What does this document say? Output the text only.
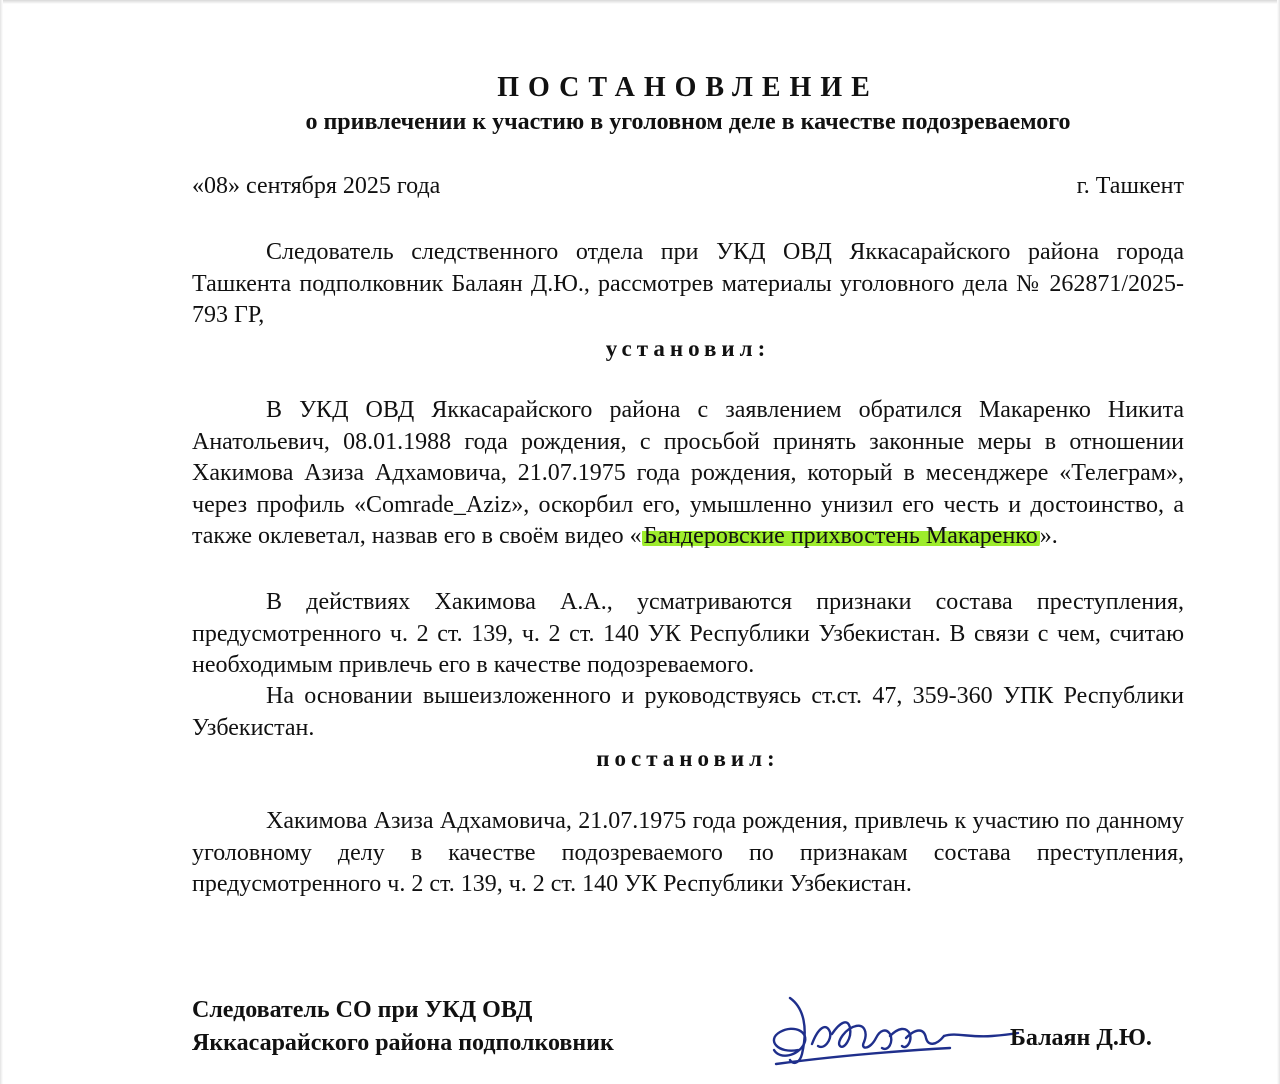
ПОСТАНОВЛЕНИЕ
о привлечении к участию в уголовном деле в качестве подозреваемого
«08» сентября 2025 года	г. Ташкент
Следователь следственного отдела при УКД ОВД Яккасарайского района города Ташкента подполковник Балаян Д.Ю., рассмотрев материалы уголовного дела № 262871/2025-793 ГР,
установил:
В УКД ОВД Яккасарайского района с заявлением обратился Макаренко Никита Анатольевич, 08.01.1988 года рождения, с просьбой принять законные меры в отношении Хакимова Азиза Адхамовича, 21.07.1975 года рождения, который в месенджере «Телеграм», через профиль «Comrade_Aziz», оскорбил его, умышленно унизил его честь и достоинство, а также оклеветал, назвав его в своём видео «Бандеровские прихвостень Макаренко».
В действиях Хакимова А.А., усматриваются признаки состава преступления, предусмотренного ч. 2 ст. 139, ч. 2 ст. 140 УК Республики Узбекистан. В связи с чем, считаю необходимым привлечь его в качестве подозреваемого.
На основании вышеизложенного и руководствуясь ст.ст. 47, 359-360 УПК Республики Узбекистан.
постановил:
Хакимова Азиза Адхамовича, 21.07.1975 года рождения, привлечь к участию по данному уголовному делу в качестве подозреваемого по признакам состава преступления, предусмотренного ч. 2 ст. 139, ч. 2 ст. 140 УК Республики Узбекистан.
Следователь СО при УКД ОВД
Яккасарайского района подполковник	Балаян Д.Ю.
